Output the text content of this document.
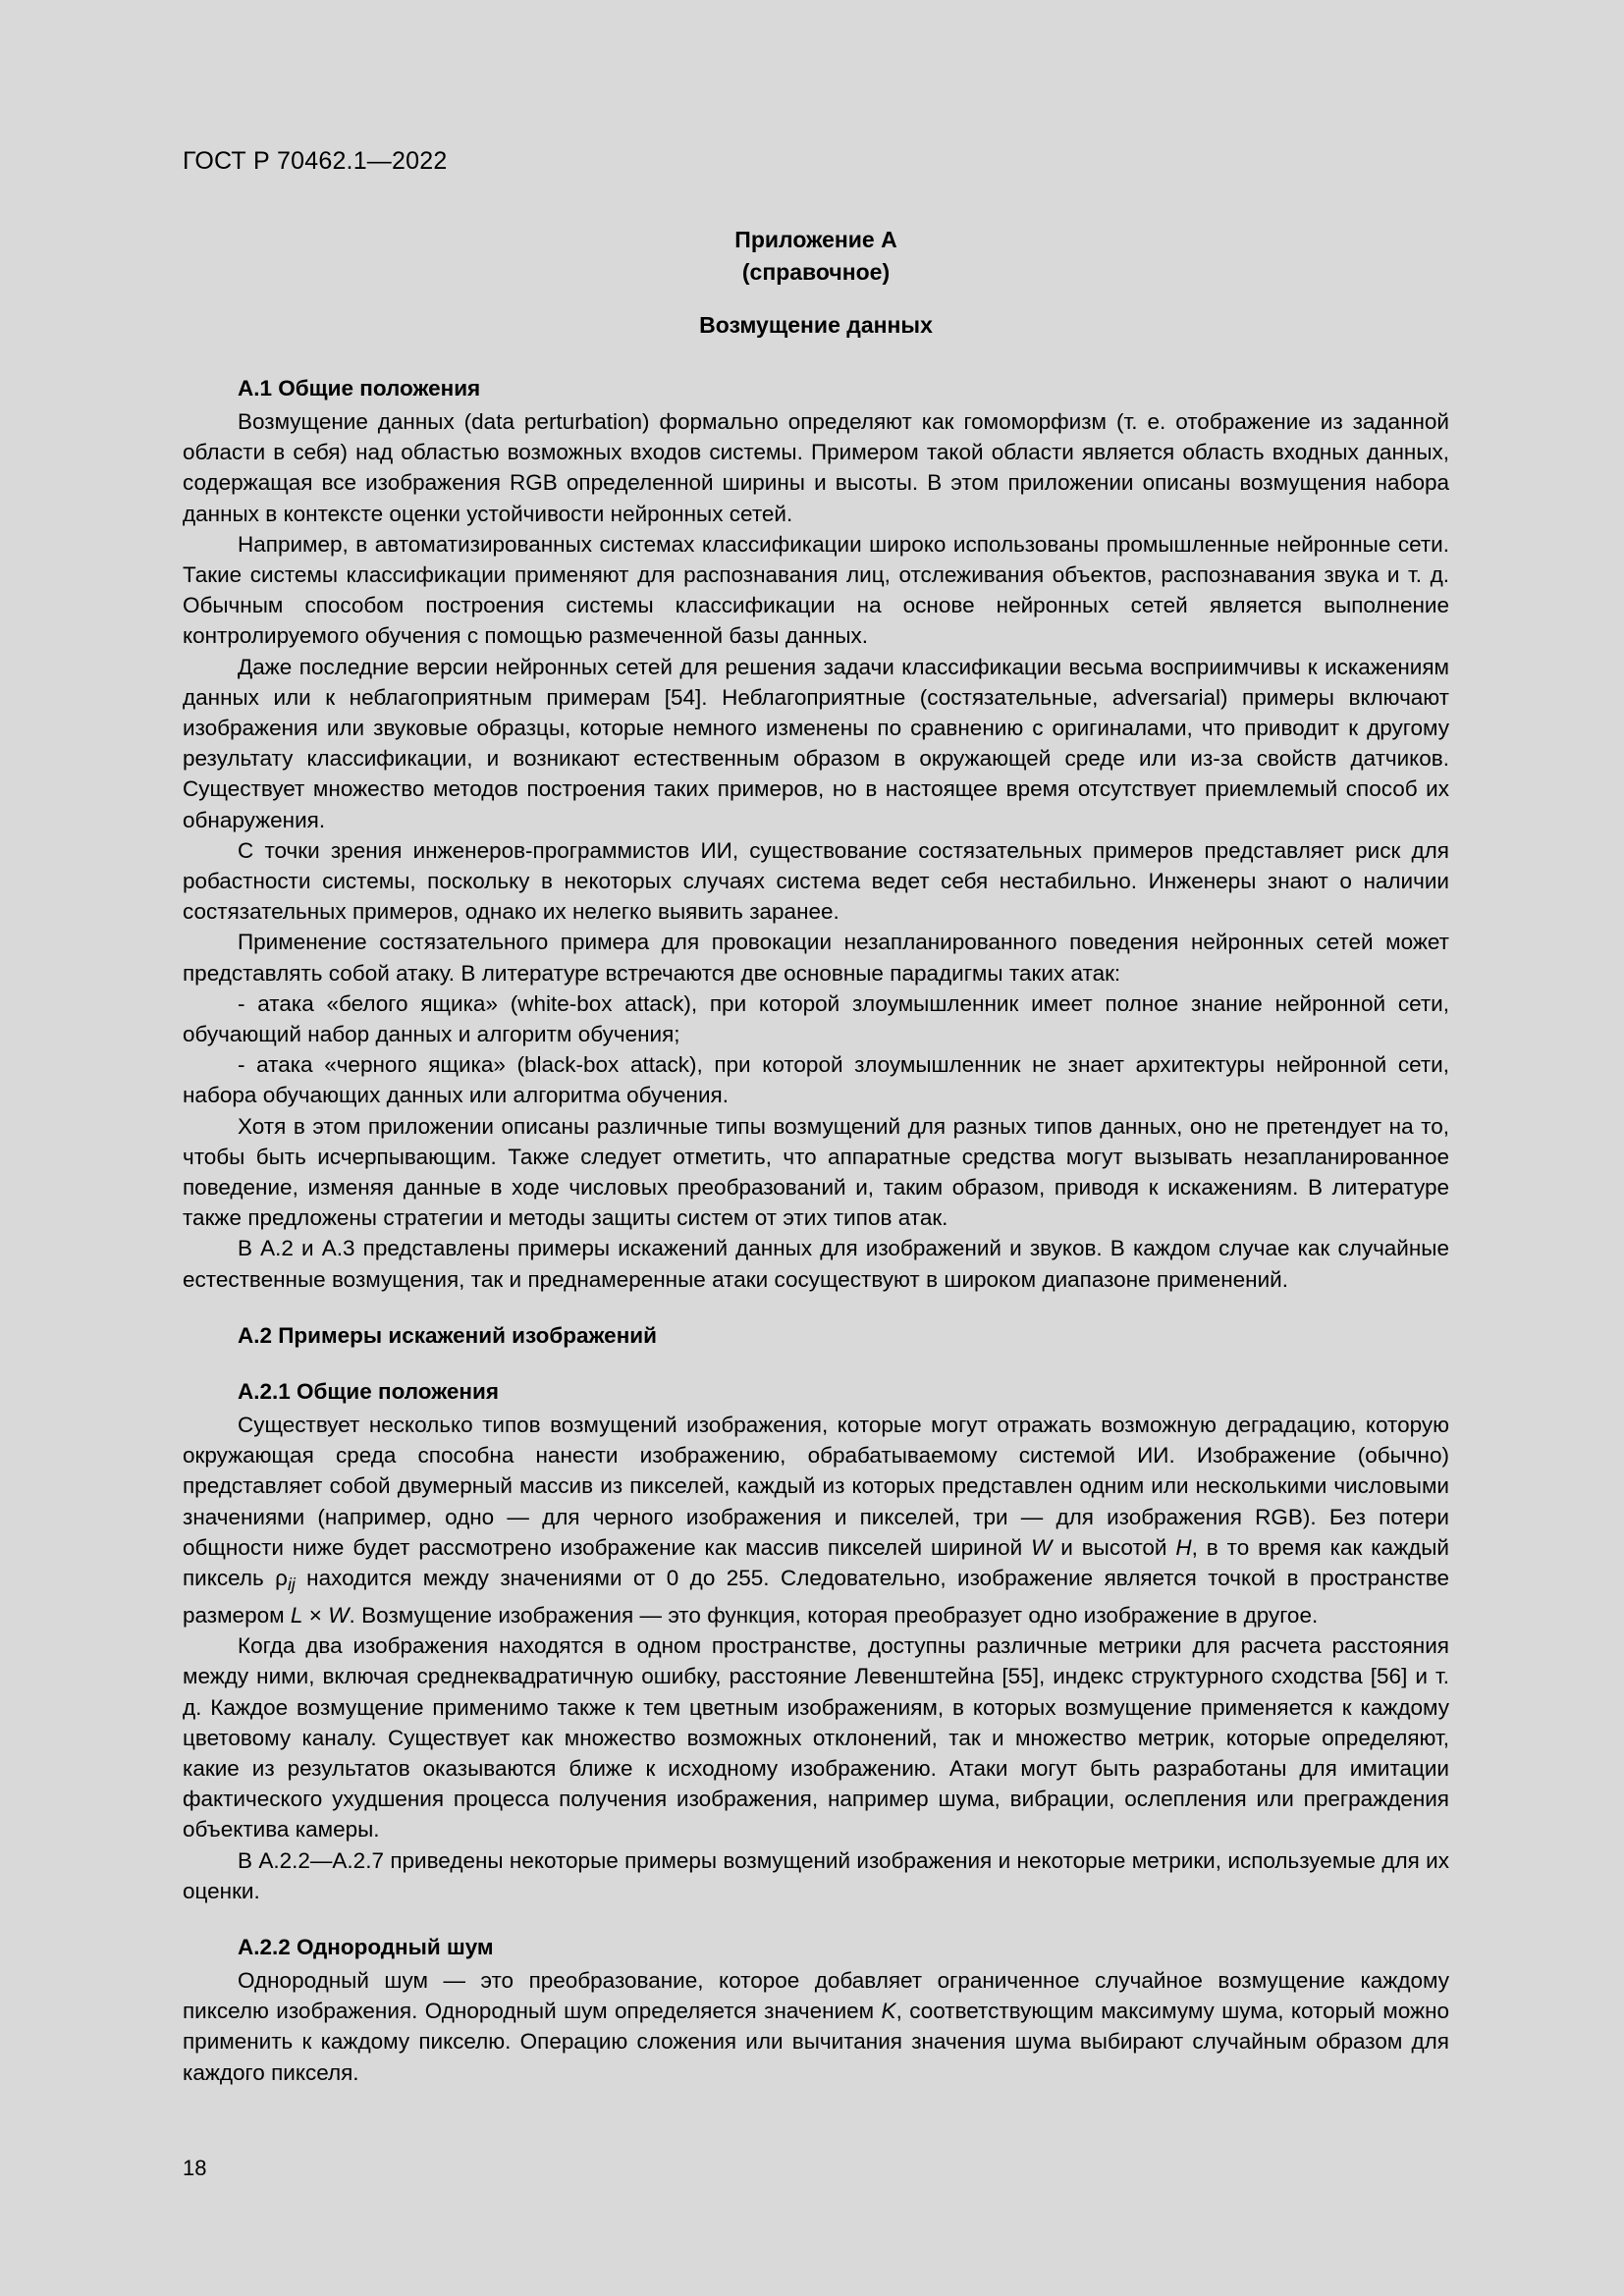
ГОСТ Р 70462.1—2022
Приложение А
(справочное)
Возмущение данных
А.1 Общие положения

Возмущение данных (data perturbation) формально определяют как гомоморфизм (т. е. отображение из заданной области в себя) над областью возможных входов системы. Примером такой области является область входных данных, содержащая все изображения RGB определенной ширины и высоты. В этом приложении описаны возмущения набора данных в контексте оценки устойчивости нейронных сетей.

Например, в автоматизированных системах классификации широко использованы промышленные нейронные сети. Такие системы классификации применяют для распознавания лиц, отслеживания объектов, распознавания звука и т. д. Обычным способом построения системы классификации на основе нейронных сетей является выполнение контролируемого обучения с помощью размеченной базы данных.

Даже последние версии нейронных сетей для решения задачи классификации весьма восприимчивы к искажениям данных или к неблагоприятным примерам [54]. Неблагоприятные (состязательные, adversarial) примеры включают изображения или звуковые образцы, которые немного изменены по сравнению с оригиналами, что приводит к другому результату классификации, и возникают естественным образом в окружающей среде или из-за свойств датчиков. Существует множество методов построения таких примеров, но в настоящее время отсутствует приемлемый способ их обнаружения.

С точки зрения инженеров-программистов ИИ, существование состязательных примеров представляет риск для робастности системы, поскольку в некоторых случаях система ведет себя нестабильно. Инженеры знают о наличии состязательных примеров, однако их нелегко выявить заранее.

Применение состязательного примера для провокации незапланированного поведения нейронных сетей может представлять собой атаку. В литературе встречаются две основные парадигмы таких атак:

- атака «белого ящика» (white-box attack), при которой злоумышленник имеет полное знание нейронной сети, обучающий набор данных и алгоритм обучения;

- атака «черного ящика» (black-box attack), при которой злоумышленник не знает архитектуры нейронной сети, набора обучающих данных или алгоритма обучения.

Хотя в этом приложении описаны различные типы возмущений для разных типов данных, оно не претендует на то, чтобы быть исчерпывающим. Также следует отметить, что аппаратные средства могут вызывать незапланированное поведение, изменяя данные в ходе числовых преобразований и, таким образом, приводя к искажениям. В литературе также предложены стратегии и методы защиты систем от этих типов атак.

В А.2 и А.3 представлены примеры искажений данных для изображений и звуков. В каждом случае как случайные естественные возмущения, так и преднамеренные атаки сосуществуют в широком диапазоне применений.

А.2 Примеры искажений изображений
А.2.1 Общие положения

Существует несколько типов возмущений изображения, которые могут отражать возможную деградацию, которую окружающая среда способна нанести изображению, обрабатываемому системой ИИ. Изображение (обычно) представляет собой двумерный массив из пикселей, каждый из которых представлен одним или несколькими числовыми значениями (например, одно — для черного изображения и пикселей, три — для изображения RGB). Без потери общности ниже будет рассмотрено изображение как массив пикселей шириной W и высотой H, в то время как каждый пиксель $\rho_{ij}$ находится между значениями от 0 до 255. Следовательно, изображение является точкой в пространстве размером L × W. Возмущение изображения — это функция, которая преобразует одно изображение в другое.

Когда два изображения находятся в одном пространстве, доступны различные метрики для расчета расстояния между ними, включая среднеквадратичную ошибку, расстояние Левенштейна [55], индекс структурного сходства [56] и т. д. Каждое возмущение применимо также к тем цветным изображениям, в которых возмущение применяется к каждому цветовому каналу. Существует как множество возможных отклонений, так и множество метрик, которые определяют, какие из результатов оказываются ближе к исходному изображению. Атаки могут быть разработаны для имитации фактического ухудшения процесса получения изображения, например шума, вибрации, ослепления или преграждения объектива камеры.

В А.2.2—А.2.7 приведены некоторые примеры возмущений изображения и некоторые метрики, используемые для их оценки.

А.2.2 Однородный шум

Однородный шум — это преобразование, которое добавляет ограниченное случайное возмущение каждому пикселю изображения. Однородный шум определяется значением K, соответствующим максимуму шума, который можно применить к каждому пикселю. Операцию сложения или вычитания значения шума выбирают случайным образом для каждого пикселя.

18
